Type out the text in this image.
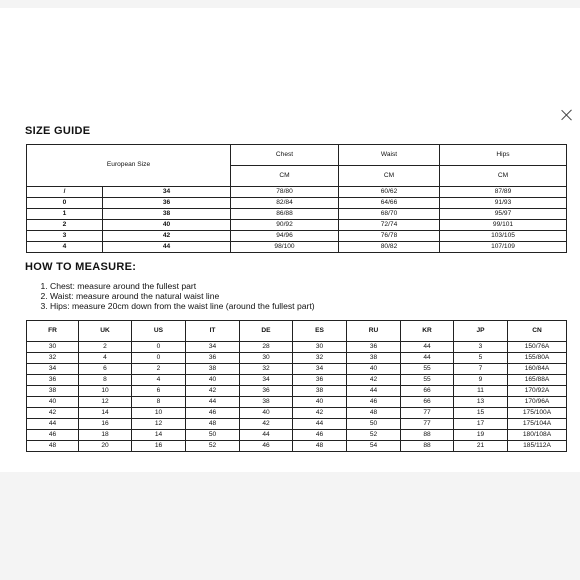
SIZE GUIDE
European Size		Chest	Waist	Hips
		CM	CM	CM
/	34	78/80	60/62	87/89
0	36	82/84	64/66	91/93
1	38	86/88	68/70	95/97
2	40	90/92	72/74	99/101
3	42	94/96	76/78	103/105
4	44	98/100	80/82	107/109
HOW TO MEASURE:
1. Chest: measure around the fullest part
2. Waist: measure around the natural waist line
3. Hips: measure 20cm down from the waist line (around the fullest part)
FR	UK	US	IT	DE	ES	RU	KR	JP	CN
30	2	0	34	28	30	36	44	3	150/76A
32	4	0	36	30	32	38	44	5	155/80A
34	6	2	38	32	34	40	55	7	160/84A
36	8	4	40	34	36	42	55	9	165/88A
38	10	6	42	36	38	44	66	11	170/92A
40	12	8	44	38	40	46	66	13	170/96A
42	14	10	46	40	42	48	77	15	175/100A
44	16	12	48	42	44	50	77	17	175/104A
46	18	14	50	44	46	52	88	19	180/108A
48	20	16	52	46	48	54	88	21	185/112A
